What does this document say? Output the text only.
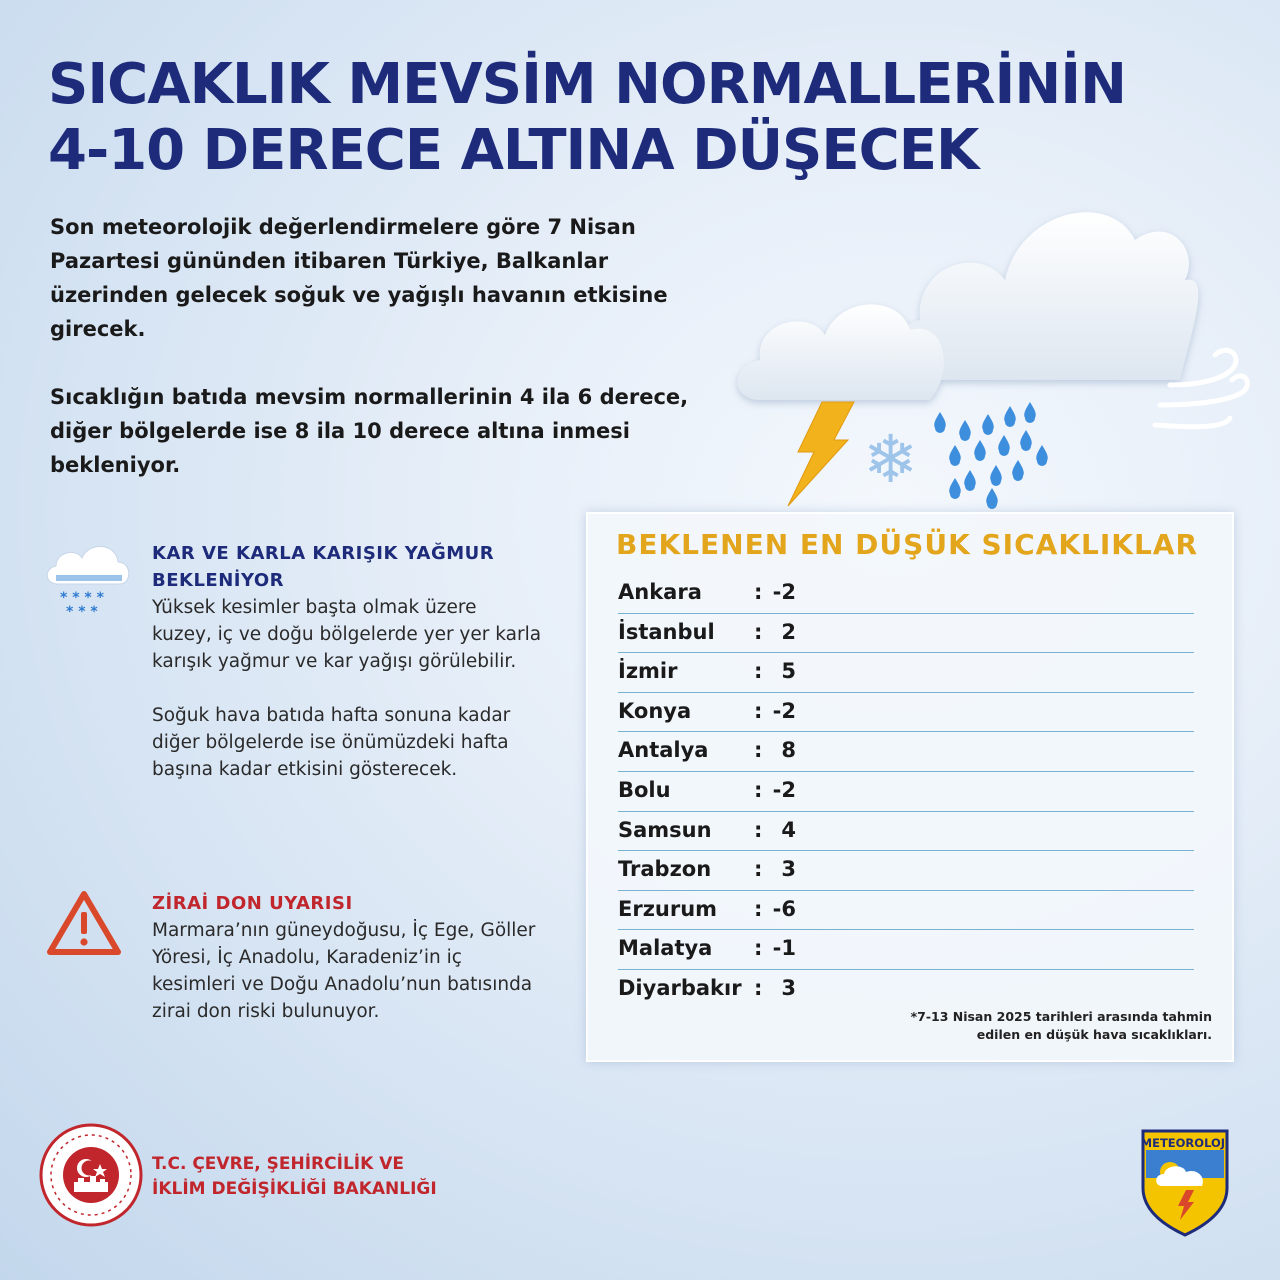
SICAKLIK MEVSİM NORMALLERİNİN
4-10 DERECE ALTINA DÜŞECEK

Son meteorolojik değerlendirmelere göre 7 Nisan Pazartesi gününden itibaren Türkiye, Balkanlar üzerinden gelecek soğuk ve yağışlı havanın etkisine girecek.

Sıcaklığın batıda mevsim normallerinin 4 ila 6 derece, diğer bölgelerde ise 8 ila 10 derece altına inmesi bekleniyor.	❄
* * * *
* * *
KAR VE KARLA KARIŞIK YAĞMUR BEKLENİYOR

Yüksek kesimler başta olmak üzere kuzey, iç ve doğu bölgelerde yer yer karla karışık yağmur ve kar yağışı görülebilir.

Soğuk hava batıda hafta sonuna kadar diğer bölgelerde ise önümüzdeki hafta başına kadar etkisini gösterecek.

ZİRAİ DON UYARISI
Marmara’nın güneydoğusu, İç Ege, Göller Yöresi, İç Anadolu, Karadeniz’in iç kesimleri ve Doğu Anadolu’nun batısında zirai don riski bulunuyor.
BEKLENEN EN DÜŞÜK SICAKLIKLAR
Ankara : -2
İstanbul : 2
İzmir	: 5
Konya	: -2
Antalya : 8
Bolu	: -2
Samsun : 4
Trabzon : 3
Erzurum : -6
Malatya : -1
Diyarbakır : 3
*7-13 Nisan 2025 tarihleri arasında tahmin edilen en düşük hava sıcaklıkları.
T.C. ÇEVRE, ŞEHİRCİLİK VE
İKLİM DEĞİŞİKLİĞİ BAKANLIĞI
METEOROLOJİ
